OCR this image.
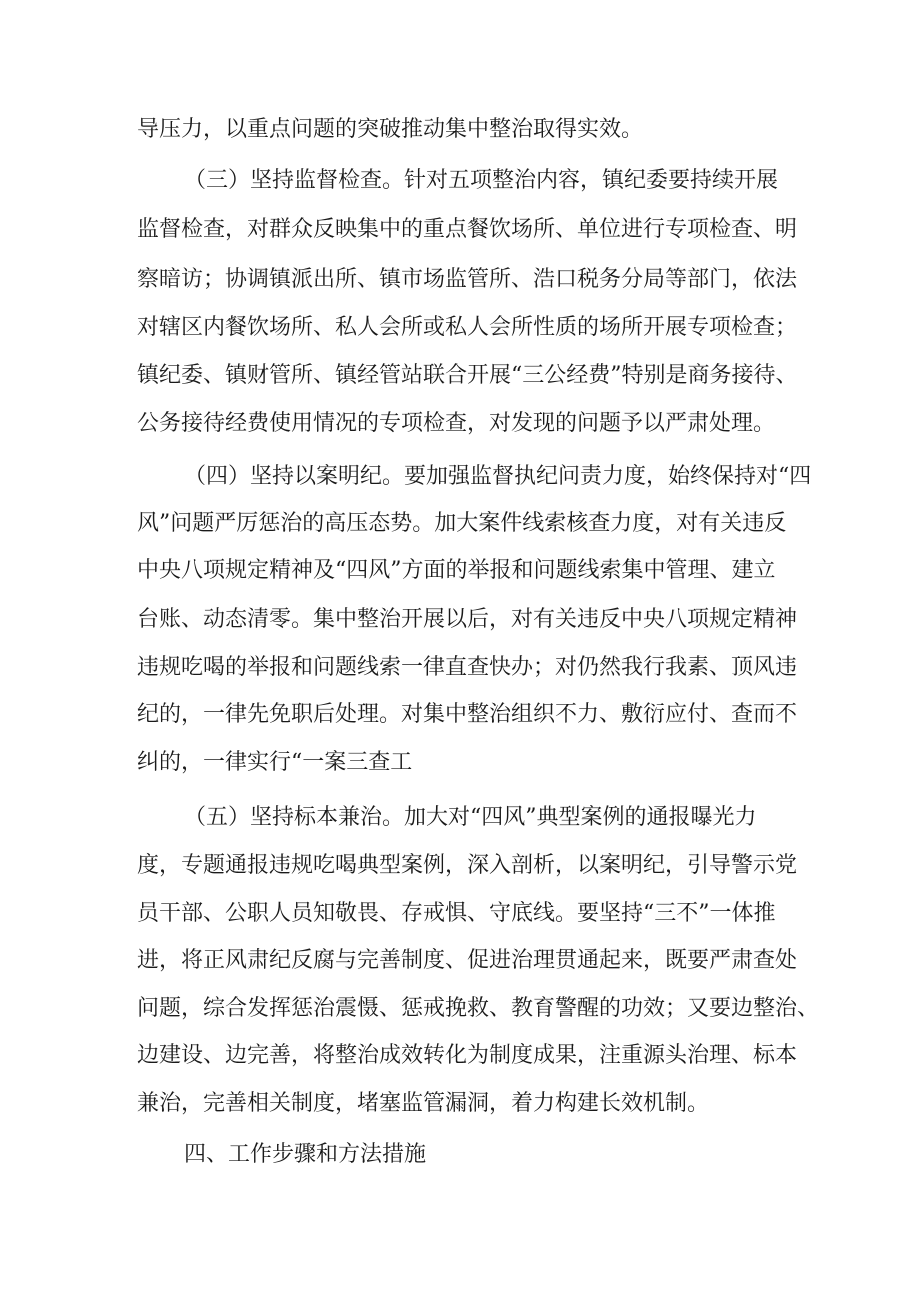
导压力，以重点问题的突破推动集中整治取得实效。
（三）坚持监督检查。针对五项整治内容，镇纪委要持续开展
监督检查，对群众反映集中的重点餐饮场所、单位进行专项检查、明
察暗访；协调镇派出所、镇市场监管所、浩口税务分局等部门，依法
对辖区内餐饮场所、私人会所或私人会所性质的场所开展专项检查；
镇纪委、镇财管所、镇经管站联合开展“三公经费”特别是商务接待、
公务接待经费使用情况的专项检查，对发现的问题予以严肃处理。
（四）坚持以案明纪。要加强监督执纪问责力度，始终保持对“四
风”问题严厉惩治的高压态势。加大案件线索核查力度，对有关违反
中央八项规定精神及“四风”方面的举报和问题线索集中管理、建立
台账、动态清零。集中整治开展以后，对有关违反中央八项规定精神
违规吃喝的举报和问题线索一律直查快办；对仍然我行我素、顶风违
纪的，一律先免职后处理。对集中整治组织不力、敷衍应付、查而不
纠的，一律实行“一案三查工
（五）坚持标本兼治。加大对“四风”典型案例的通报曝光力
度，专题通报违规吃喝典型案例，深入剖析，以案明纪，引导警示党
员干部、公职人员知敬畏、存戒惧、守底线。要坚持“三不”一体推
进，将正风肃纪反腐与完善制度、促进治理贯通起来，既要严肃查处
问题，综合发挥惩治震慑、惩戒挽救、教育警醒的功效；又要边整治、
边建设、边完善，将整治成效转化为制度成果，注重源头治理、标本
兼治，完善相关制度，堵塞监管漏洞，着力构建长效机制。
四、工作步骤和方法措施
